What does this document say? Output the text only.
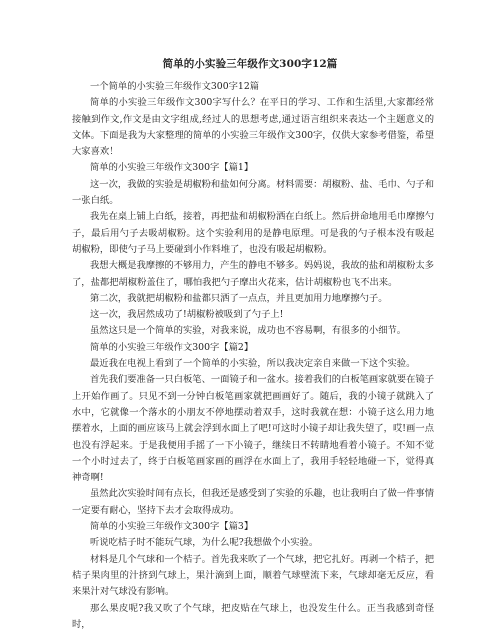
简单的小实验三年级作文300字12篇

一个简单的小实验三年级作文300字12篇

简单的小实验三年级作文300字写什么？在平日的学习、工作和生活里,大家都经常接触到作文,作文是由文字组成,经过人的思想考虑,通过语言组织来表达一个主题意义的文体。下面是我为大家整理的简单的小实验三年级作文300字，仅供大家参考借鉴，希望大家喜欢！

简单的小实验三年级作文300字【篇1】

这一次，我做的实验是胡椒粉和盐如何分离。材料需要：胡椒粉、盐、毛巾、勺子和一张白纸。

我先在桌上铺上白纸，接着，再把盐和胡椒粉洒在白纸上。然后拼命地用毛巾摩擦勺子，最后用勺子去吸胡椒粉。这个实验利用的是静电原理。可是我的勺子根本没有吸起胡椒粉，即使勺子马上要碰到小作料堆了，也没有吸起胡椒粉。

我想大概是我摩擦的不够用力，产生的静电不够多。妈妈说，我故的盐和胡椒粉太多了，盐都把胡椒粉盖住了，哪怕我把勺子摩出火花来，估计胡椒粉也飞不出来。

第二次，我就把胡椒粉和盐都只洒了一点点，并且更加用力地摩擦勺子。

这一次，我居然成功了!胡椒粉被吸到了勺子上!

虽然这只是一个简单的实验，对我来说，成功也不容易啊，有很多的小细节。

简单的小实验三年级作文300字【篇2】

最近我在电视上看到了一个简单的小实验，所以我决定亲自来做一下这个实验。

首先我们要准备一只白板笔、一面镜子和一盆水。接着我们的白板笔画家就要在镜子上开始作画了。只见不到一分钟白板笔画家就把画画好了。随后，我的小镜子就跳入了水中，它就像一个落水的小朋友不停地摆动着双手，这时我就在想：小镜子这么用力地摆着水，上面的画应该马上就会浮到水面上了吧!可这时小镜子却让我失望了，哎!画一点也没有浮起来。于是我便用手摇了一下小镜子，继续日不转睛地看着小镜子。不知不觉一个小时过去了，终于白板笔画家画的画浮在水面上了，我用手轻轻地碰一下，觉得真神奇啊!

虽然此次实验时间有点长，但我还是感受到了实验的乐趣，也让我明白了做一件事情一定要有耐心，坚持下去才会取得成功。

简单的小实验三年级作文300字【篇3】

听说吃桔子时不能玩气球，为什么呢?我想做个小实验。

材料是几个气球和一个桔子。首先我来吹了一个气球，把它扎好。再剥一个桔子，把桔子果肉里的汁挤到气球上，果汁滴到上面，顺着气球壁流下来，气球却毫无反应，看来果汁对气球没有影响。

那么果皮呢?我又吹了个气球，把皮贴在气球上，也没发生什么。正当我感到奇怪时，
